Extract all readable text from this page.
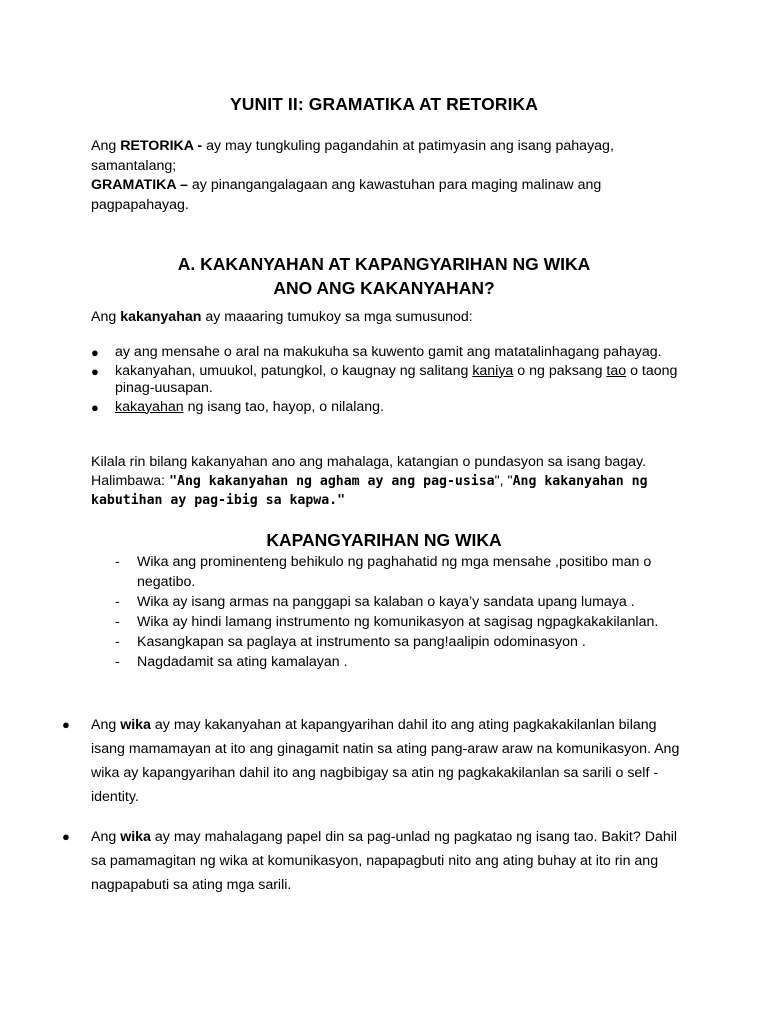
YUNIT II: GRAMATIKA AT RETORIKA
Ang RETORIKA - ay may tungkuling pagandahin at patimyasin ang isang pahayag, samantalang;
GRAMATIKA – ay pinangangalagaan ang kawastuhan para maging malinaw ang pagpapahayag.
A. KAKANYAHAN AT KAPANGYARIHAN NG WIKA
ANO ANG KAKANYAHAN?

Ang kakanyahan ay maaaring tumukoy sa mga sumusunod:

● ay ang mensahe o aral na makukuha sa kuwento gamit ang matatalinhagang pahayag.
● kakanyahan, umuukol, patungkol, o kaugnay ng salitang kaniya o ng paksang tao o taong pinag-uusapan.
● kakayahan ng isang tao, hayop, o nilalang.

Kilala rin bilang kakanyahan ano ang mahalaga, katangian o pundasyon sa isang bagay. Halimbawa: "Ang kakanyahan ng agham ay ang pag-usisa", "Ang kakanyahan ng kabutihan ay pag-ibig sa kapwa."

KAPANGYARIHAN NG WIKA
- Wika ang prominenteng behikulo ng paghahatid ng mga mensahe ,positibo man o negatibo.
- Wika ay isang armas na panggapi sa kalaban o kaya’y sandata upang lumaya .
- Wika ay hindi lamang instrumento ng komunikasyon at sagisag ngpagkakakilanlan.
- Kasangkapan sa paglaya at instrumento sa pang!aalipin odominasyon .
- Nagdadamit sa ating kamalayan .
● Ang wika ay may kakanyahan at kapangyarihan dahil ito ang ating pagkakakilanlan bilang isang mamamayan at ito ang ginagamit natin sa ating pang-araw araw na komunikasyon. Ang wika ay kapangyarihan dahil ito ang nagbibigay sa atin ng pagkakakilanlan sa sarili o self - identity.
● Ang wika ay may mahalagang papel din sa pag-unlad ng pagkatao ng isang tao. Bakit? Dahil sa pamamagitan ng wika at komunikasyon, napapagbuti nito ang ating buhay at ito rin ang nagpapabuti sa ating mga sarili.
